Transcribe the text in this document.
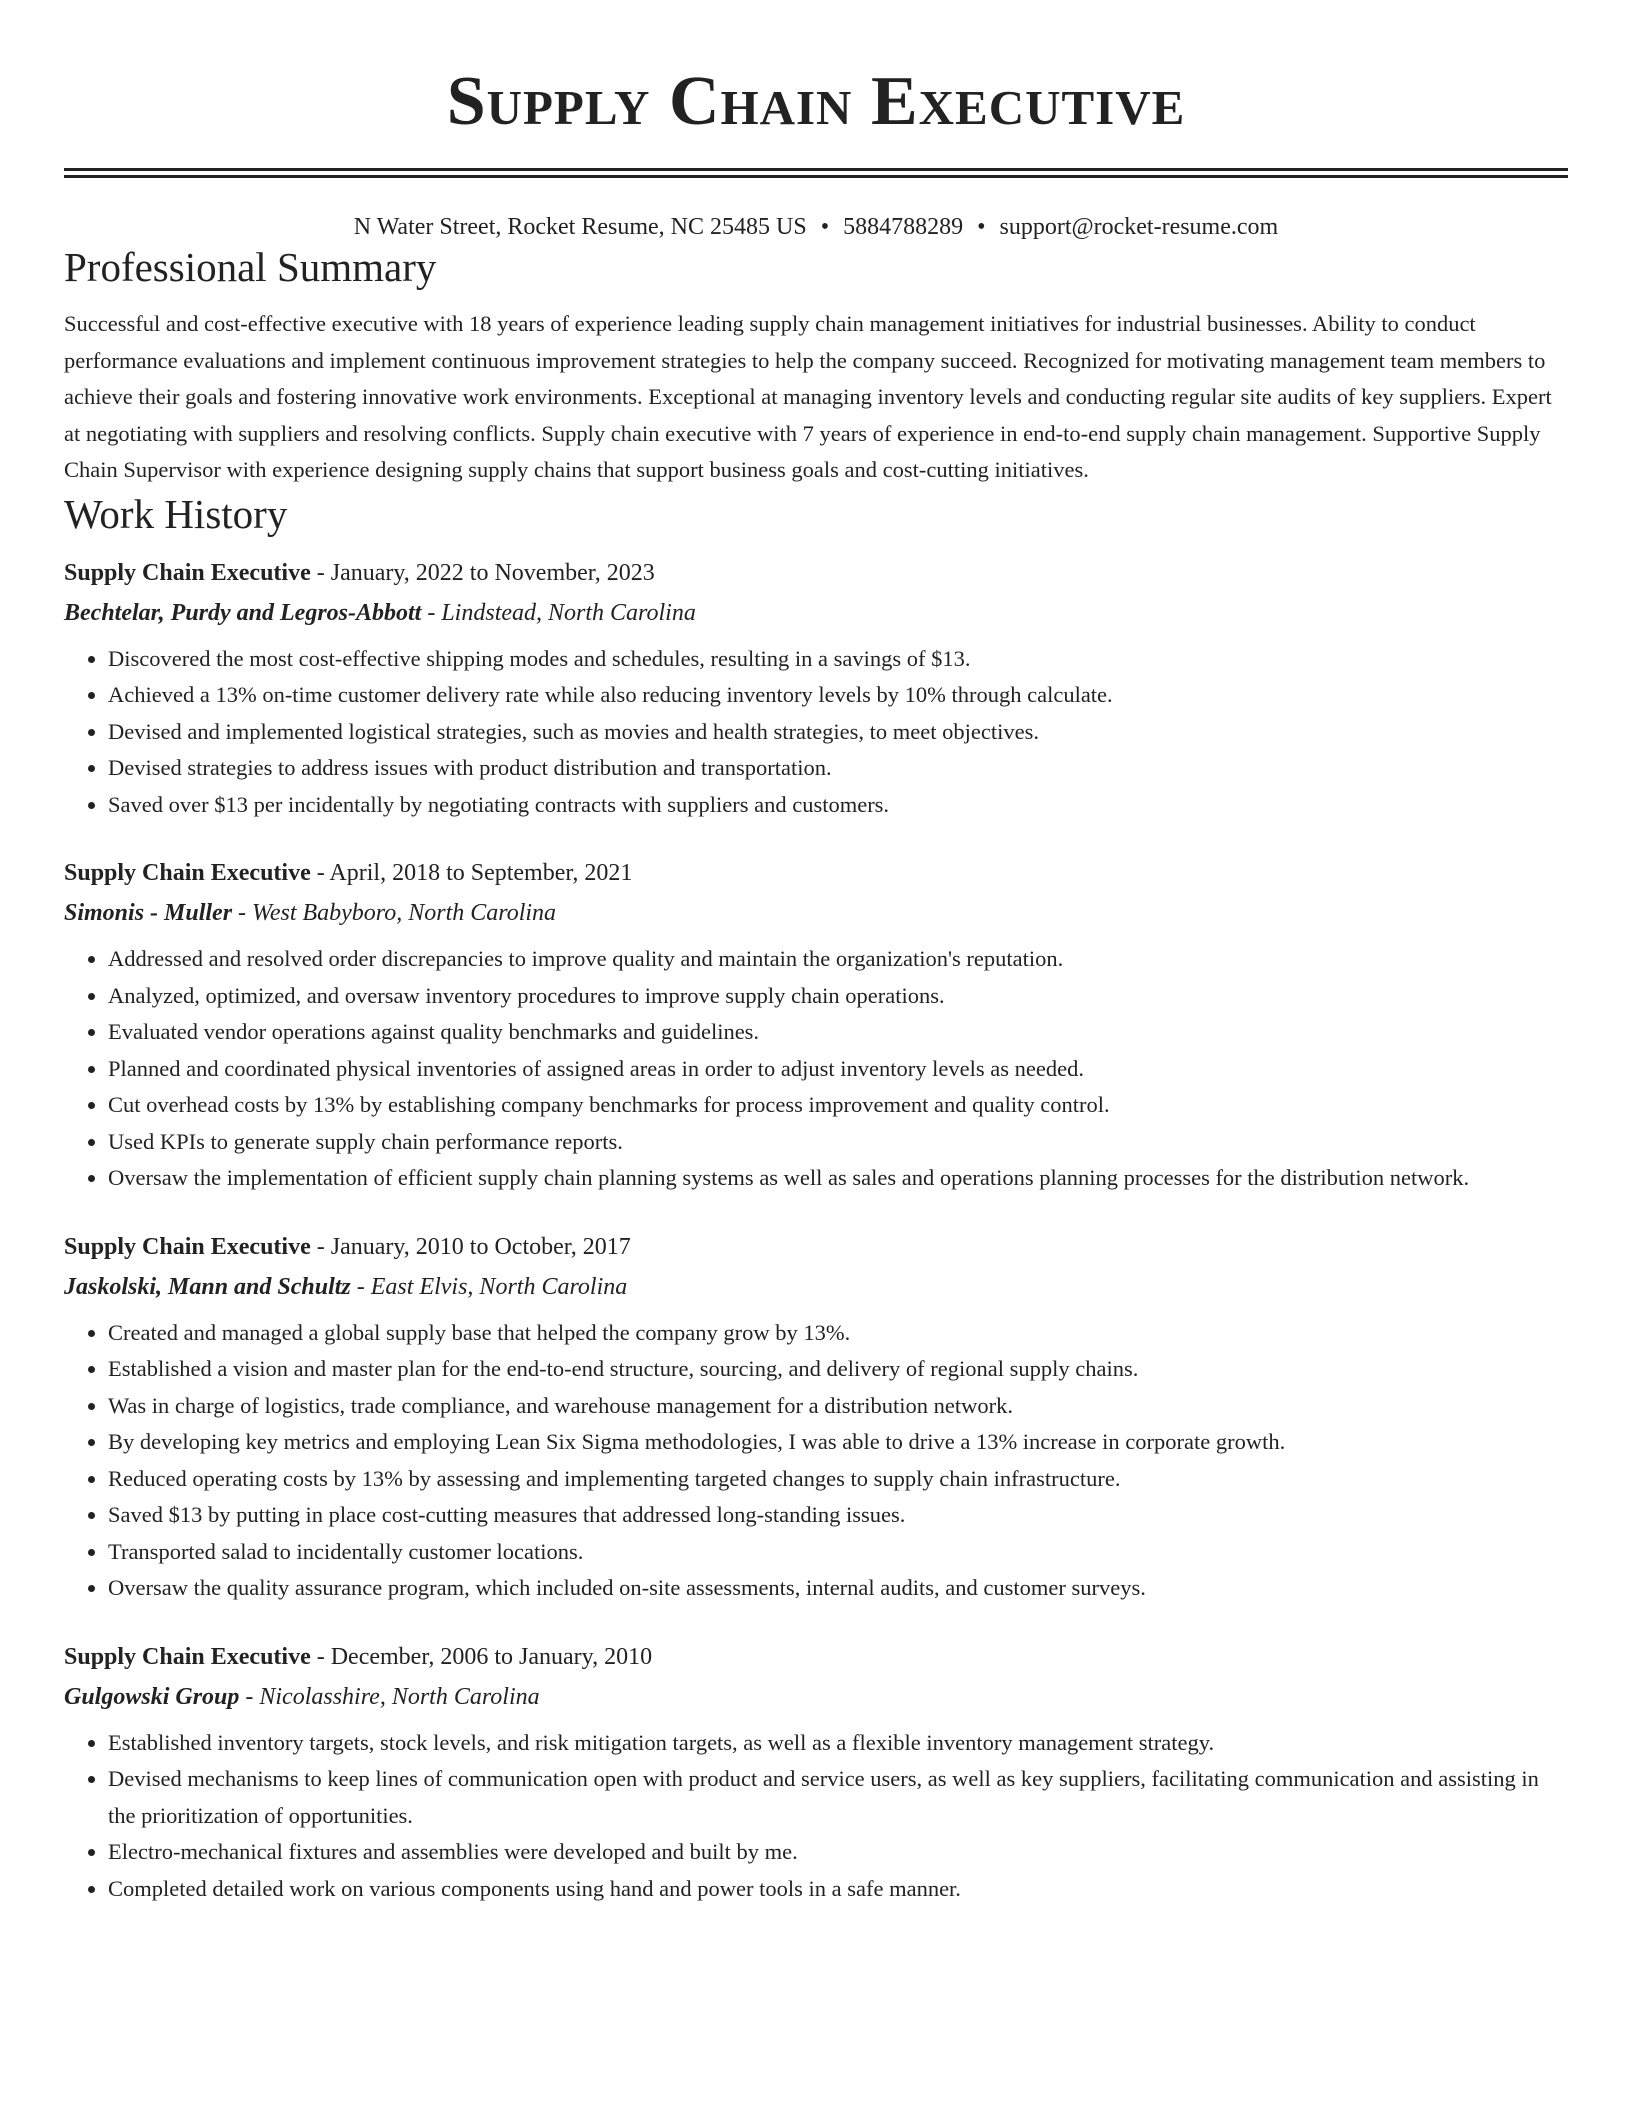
Supply Chain Executive
N Water Street, Rocket Resume, NC 25485 US • 5884788289 • support@rocket-resume.com
Professional Summary
Successful and cost-effective executive with 18 years of experience leading supply chain management initiatives for industrial businesses. Ability to conduct performance evaluations and implement continuous improvement strategies to help the company succeed. Recognized for motivating management team members to achieve their goals and fostering innovative work environments. Exceptional at managing inventory levels and conducting regular site audits of key suppliers. Expert at negotiating with suppliers and resolving conflicts. Supply chain executive with 7 years of experience in end-to-end supply chain management. Supportive Supply Chain Supervisor with experience designing supply chains that support business goals and cost-cutting initiatives.
Work History
Supply Chain Executive - January, 2022 to November, 2023
Bechtelar, Purdy and Legros-Abbott - Lindstead, North Carolina
• Discovered the most cost-effective shipping modes and schedules, resulting in a savings of $13.
• Achieved a 13% on-time customer delivery rate while also reducing inventory levels by 10% through calculate.
• Devised and implemented logistical strategies, such as movies and health strategies, to meet objectives.
• Devised strategies to address issues with product distribution and transportation.
• Saved over $13 per incidentally by negotiating contracts with suppliers and customers.
Supply Chain Executive - April, 2018 to September, 2021
Simonis - Muller - West Babyboro, North Carolina
• Addressed and resolved order discrepancies to improve quality and maintain the organization's reputation.
• Analyzed, optimized, and oversaw inventory procedures to improve supply chain operations.
• Evaluated vendor operations against quality benchmarks and guidelines.
• Planned and coordinated physical inventories of assigned areas in order to adjust inventory levels as needed.
• Cut overhead costs by 13% by establishing company benchmarks for process improvement and quality control.
• Used KPIs to generate supply chain performance reports.
• Oversaw the implementation of efficient supply chain planning systems as well as sales and operations planning processes for the distribution network.
Supply Chain Executive - January, 2010 to October, 2017
Jaskolski, Mann and Schultz - East Elvis, North Carolina
• Created and managed a global supply base that helped the company grow by 13%.
• Established a vision and master plan for the end-to-end structure, sourcing, and delivery of regional supply chains.
• Was in charge of logistics, trade compliance, and warehouse management for a distribution network.
• By developing key metrics and employing Lean Six Sigma methodologies, I was able to drive a 13% increase in corporate growth.
• Reduced operating costs by 13% by assessing and implementing targeted changes to supply chain infrastructure.
• Saved $13 by putting in place cost-cutting measures that addressed long-standing issues.
• Transported salad to incidentally customer locations.
• Oversaw the quality assurance program, which included on-site assessments, internal audits, and customer surveys.
Supply Chain Executive - December, 2006 to January, 2010
Gulgowski Group - Nicolasshire, North Carolina
• Established inventory targets, stock levels, and risk mitigation targets, as well as a flexible inventory management strategy.
• Devised mechanisms to keep lines of communication open with product and service users, as well as key suppliers, facilitating communication and assisting in the prioritization of opportunities.
• Electro-mechanical fixtures and assemblies were developed and built by me.
• Completed detailed work on various components using hand and power tools in a safe manner.
